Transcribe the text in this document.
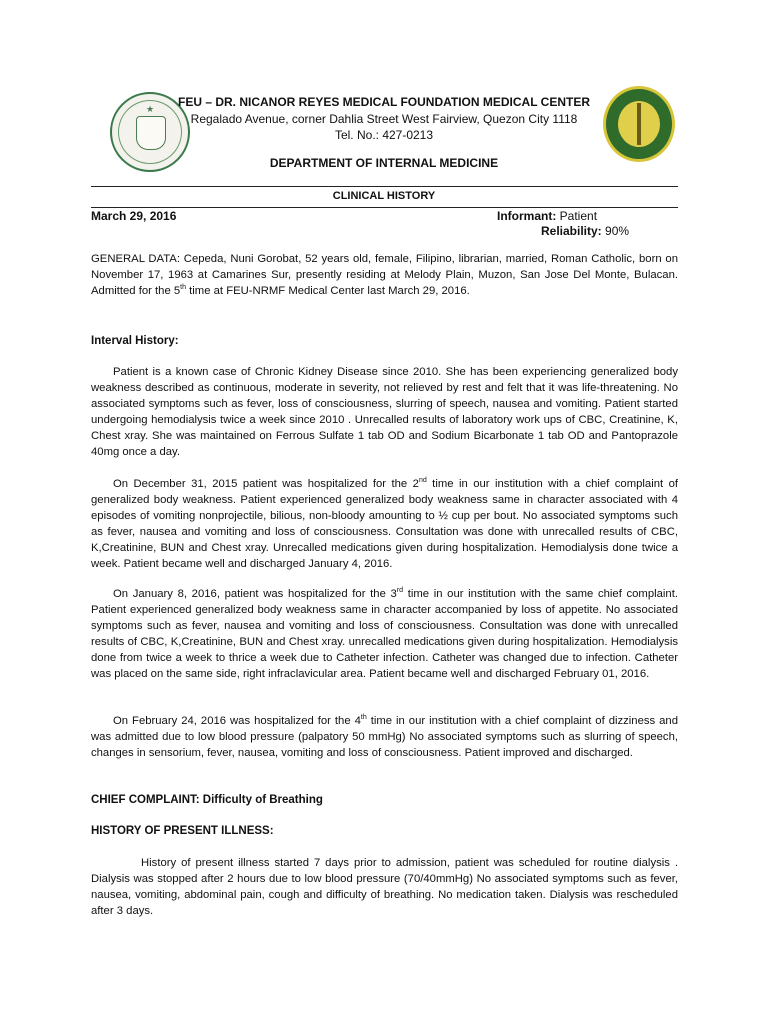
★	FEU – DR. NICANOR REYES MEDICAL FOUNDATION MEDICAL CENTER
Regalado Avenue, corner Dahlia Street West Fairview, Quezon City 1118
Tel. No.: 427-0213
DEPARTMENT OF INTERNAL MEDICINE
CLINICAL HISTORY
March 29, 2016	Informant: Patient
Reliability: 90%
GENERAL DATA: Cepeda, Nuni Gorobat, 52 years old, female, Filipino, librarian, married, Roman Catholic, born on November 17, 1963 at Camarines Sur, presently residing at Melody Plain, Muzon, San Jose Del Monte, Bulacan. Admitted for the 5th time at FEU-NRMF Medical Center last March 29, 2016.
Interval History:
Patient is a known case of Chronic Kidney Disease since 2010. She has been experiencing generalized body weakness described as continuous, moderate in severity, not relieved by rest and felt that it was life-threatening. No associated symptoms such as fever, loss of consciousness, slurring of speech, nausea and vomiting. Patient started undergoing hemodialysis twice a week since 2010 . Unrecalled results of laboratory work ups of CBC, Creatinine, K, Chest xray. She was maintained on Ferrous Sulfate 1 tab OD and Sodium Bicarbonate 1 tab OD and Pantoprazole 40mg once a day.
On December 31, 2015 patient was hospitalized for the 2nd time in our institution with a chief complaint of generalized body weakness. Patient experienced generalized body weakness same in character associated with 4 episodes of vomiting nonprojectile, bilious, non-bloody amounting to ½ cup per bout. No associated symptoms such as fever, nausea and vomiting and loss of consciousness. Consultation was done with unrecalled results of CBC, K,Creatinine, BUN and Chest xray. Unrecalled medications given during hospitalization. Hemodialysis done twice a week. Patient became well and discharged January 4, 2016.
On January 8, 2016, patient was hospitalized for the 3rd time in our institution with the same chief complaint. Patient experienced generalized body weakness same in character accompanied by loss of appetite. No associated symptoms such as fever, nausea and vomiting and loss of consciousness. Consultation was done with unrecalled results of CBC, K,Creatinine, BUN and Chest xray. unrecalled medications given during hospitalization. Hemodialysis done from twice a week to thrice a week due to Catheter infection. Catheter was changed due to infection. Catheter was placed on the same side, right infraclavicular area. Patient became well and discharged February 01, 2016.
On February 24, 2016 was hospitalized for the 4th time in our institution with a chief complaint of dizziness and was admitted due to low blood pressure (palpatory 50 mmHg) No associated symptoms such as slurring of speech, changes in sensorium, fever, nausea, vomiting and loss of consciousness. Patient improved and discharged.
CHIEF COMPLAINT: Difficulty of Breathing
HISTORY OF PRESENT ILLNESS:
History of present illness started 7 days prior to admission, patient was scheduled for routine dialysis . Dialysis was stopped after 2 hours due to low blood pressure (70/40mmHg) No associated symptoms such as fever, nausea, vomiting, abdominal pain, cough and difficulty of breathing. No medication taken. Dialysis was rescheduled after 3 days.
